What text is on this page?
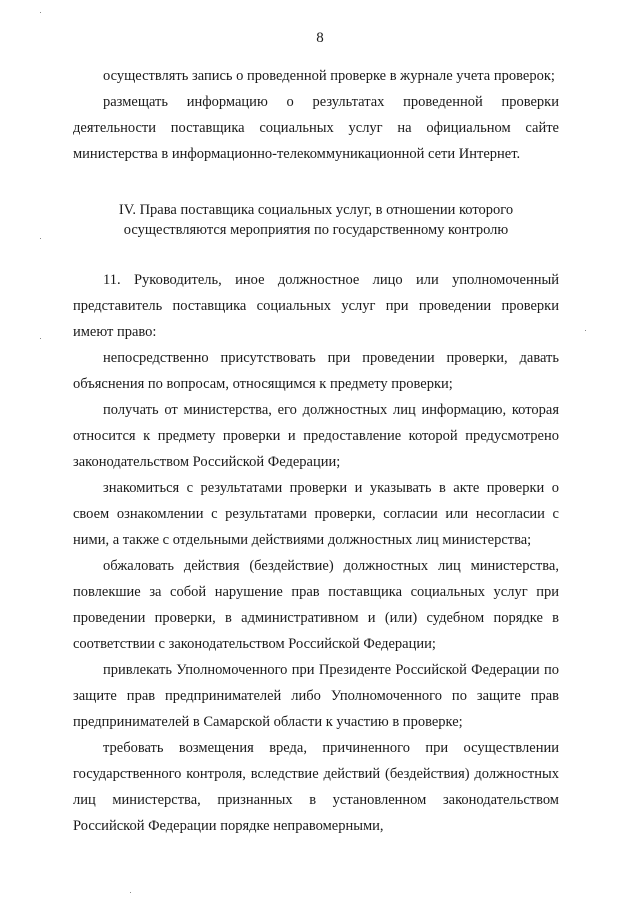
8

осуществлять запись о проведенной проверке в журнале учета проверок;

размещать информацию о результатах проведенной проверки деятельности поставщика социальных услуг на официальном сайте министерства в информационно-телекоммуникационной сети Интернет.

IV. Права поставщика социальных услуг, в отношении которого
осуществляются мероприятия по государственному контролю

11. Руководитель, иное должностное лицо или уполномоченный представитель поставщика социальных услуг при проведении проверки имеют право:

непосредственно присутствовать при проведении проверки, давать объяснения по вопросам, относящимся к предмету проверки;

получать от министерства, его должностных лиц информацию, которая относится к предмету проверки и предоставление которой предусмотрено законодательством Российской Федерации;

знакомиться с результатами проверки и указывать в акте проверки о своем ознакомлении с результатами проверки, согласии или несогласии с ними, а также с отдельными действиями должностных лиц министерства;

обжаловать действия (бездействие) должностных лиц министерства, повлекшие за собой нарушение прав поставщика социальных услуг при проведении проверки, в административном и (или) судебном порядке в соответствии с законодательством Российской Федерации;

привлекать Уполномоченного при Президенте Российской Федерации по защите прав предпринимателей либо Уполномоченного по защите прав предпринимателей в Самарской области к участию в проверке;

требовать возмещения вреда, причиненного при осуществлении государственного контроля, вследствие действий (бездействия) должностных лиц министерства, признанных в установленном законодательством Российской Федерации порядке неправомерными,
